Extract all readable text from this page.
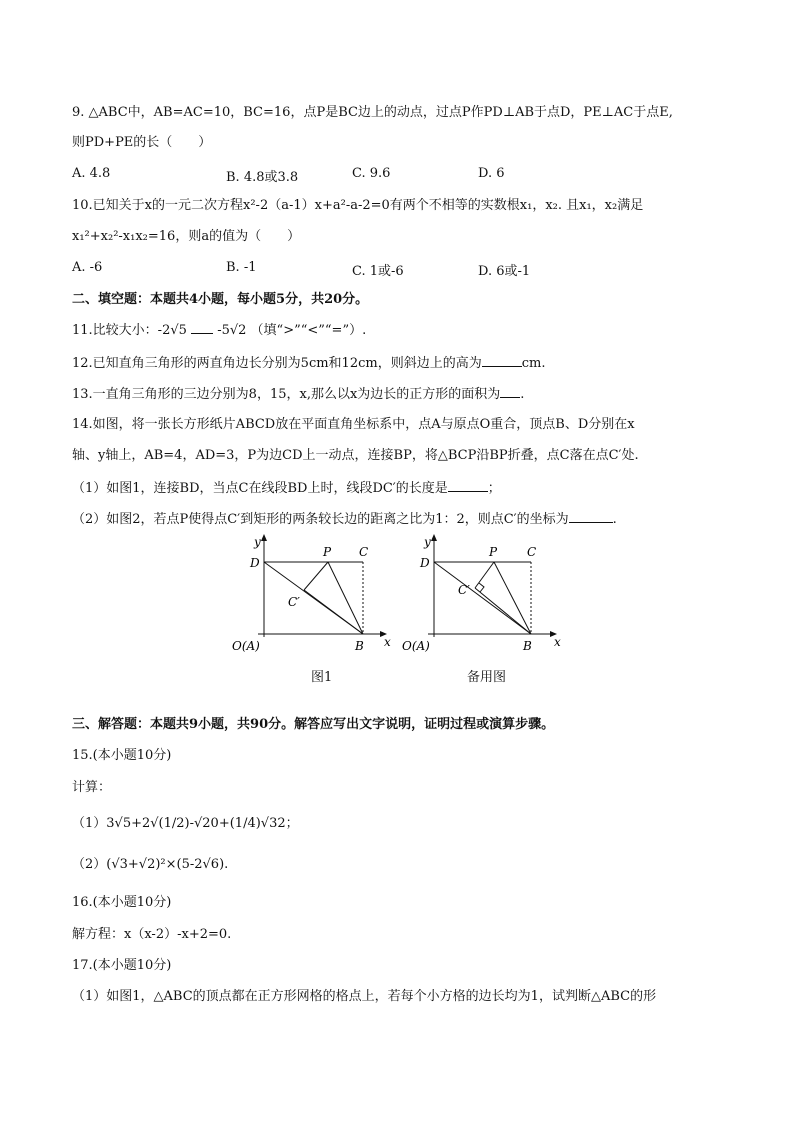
9. △ABC中，AB=AC=10，BC=16，点P是BC边上的动点，过点P作PD⊥AB于点D，PE⊥AC于点E,
则PD+PE的长（　　）
A. 4.8	B. 4.8或3.8	C. 9.6	D. 6
10.已知关于x的一元二次方程x²-2（a-1）x+a²-a-2=0有两个不相等的实数根x₁，x₂. 且x₁，x₂满足
x₁²+x₂²-x₁x₂=16，则a的值为（　　）
A. -6	B. -1	C. 1或-6	D. 6或-1
二、填空题：本题共4小题，每小题5分，共20分。
11.比较大小：-2√5 -5√2 （填“>”“<”“=”）.
12.已知直角三角形的两直角边长分别为5cm和12cm，则斜边上的高为	cm.
13.一直角三角形的三边分别为8，15，x,那么以x为边长的正方形的面积为 .
14.如图，将一张长方形纸片ABCD放在平面直角坐标系中，点A与原点O重合，顶点B、D分别在x
轴、y轴上，AB=4，AD=3，P为边CD上一动点，连接BP，将△BCP沿BP折叠，点C落在点C′处.
（1）如图1，连接BD，当点C在线段BD上时，线段DC′的长度是	；
（2）如图2，若点P使得点C′到矩形的两条较长边的距离之比为1：2，则点C′的坐标为	.
y
D
P C
C′
O(A)	B x
图1
y
D
P C
C′
O(A)	B x
备用图
三、解答题：本题共9小题，共90分。解答应写出文字说明，证明过程或演算步骤。
15.(本小题10分)
计算：
（1）3√5+2√(1/2)-√20+(1/4)√32；
（2）(√3+√2)²×(5-2√6).
16.(本小题10分)
解方程：x（x-2）-x+2=0.
17.(本小题10分)
（1）如图1，△ABC的顶点都在正方形网格的格点上，若每个小方格的边长均为1，试判断△ABC的形
